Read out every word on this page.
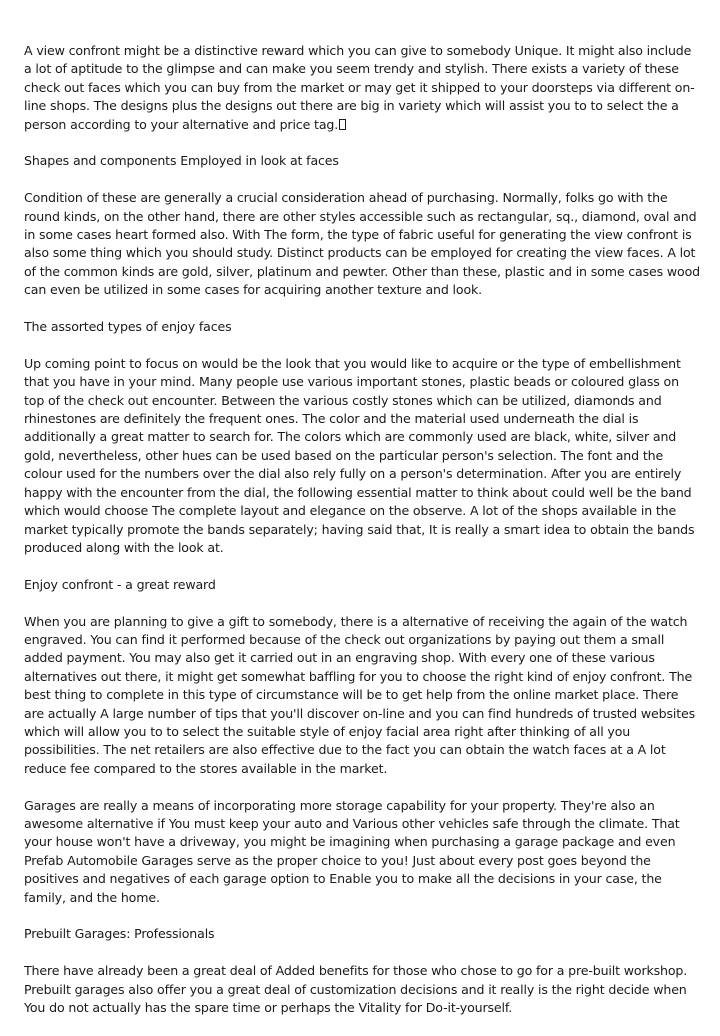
A view confront might be a distinctive reward which you can give to somebody Unique. It might also include a lot of aptitude to the glimpse and can make you seem trendy and stylish. There exists a variety of these check out faces which you can buy from the market or may get it shipped to your doorsteps via different on-line shops. The designs plus the designs out there are big in variety which will assist you to to select the a person according to your alternative and price tag.

Shapes and components Employed in look at faces

Condition of these are generally a crucial consideration ahead of purchasing. Normally, folks go with the round kinds, on the other hand, there are other styles accessible such as rectangular, sq., diamond, oval and in some cases heart formed also. With The form, the type of fabric useful for generating the view confront is also some thing which you should study. Distinct products can be employed for creating the view faces. A lot of the common kinds are gold, silver, platinum and pewter. Other than these, plastic and in some cases wood can even be utilized in some cases for acquiring another texture and look.

The assorted types of enjoy faces

Up coming point to focus on would be the look that you would like to acquire or the type of embellishment that you have in your mind. Many people use various important stones, plastic beads or coloured glass on top of the check out encounter. Between the various costly stones which can be utilized, diamonds and rhinestones are definitely the frequent ones. The color and the material used underneath the dial is additionally a great matter to search for. The colors which are commonly used are black, white, silver and gold, nevertheless, other hues can be used based on the particular person's selection. The font and the colour used for the numbers over the dial also rely fully on a person's determination. After you are entirely happy with the encounter from the dial, the following essential matter to think about could well be the band which would choose The complete layout and elegance on the observe. A lot of the shops available in the market typically promote the bands separately; having said that, It is really a smart idea to obtain the bands produced along with the look at.

Enjoy confront - a great reward

When you are planning to give a gift to somebody, there is a alternative of receiving the again of the watch engraved. You can find it performed because of the check out organizations by paying out them a small added payment. You may also get it carried out in an engraving shop. With every one of these various alternatives out there, it might get somewhat baffling for you to choose the right kind of enjoy confront. The best thing to complete in this type of circumstance will be to get help from the online market place. There are actually A large number of tips that you'll discover on-line and you can find hundreds of trusted websites which will allow you to to select the suitable style of enjoy facial area right after thinking of all you possibilities. The net retailers are also effective due to the fact you can obtain the watch faces at a A lot reduce fee compared to the stores available in the market.

Garages are really a means of incorporating more storage capability for your property. They're also an awesome alternative if You must keep your auto and Various other vehicles safe through the climate. That your house won't have a driveway, you might be imagining when purchasing a garage package and even Prefab Automobile Garages serve as the proper choice to you! Just about every post goes beyond the positives and negatives of each garage option to Enable you to make all the decisions in your case, the family, and the home.

Prebuilt Garages: Professionals

There have already been a great deal of Added benefits for those who chose to go for a pre-built workshop. Prebuilt garages also offer you a great deal of customization decisions and it really is the right decide when You do not actually has the spare time or perhaps the Vitality for Do-it-yourself.
